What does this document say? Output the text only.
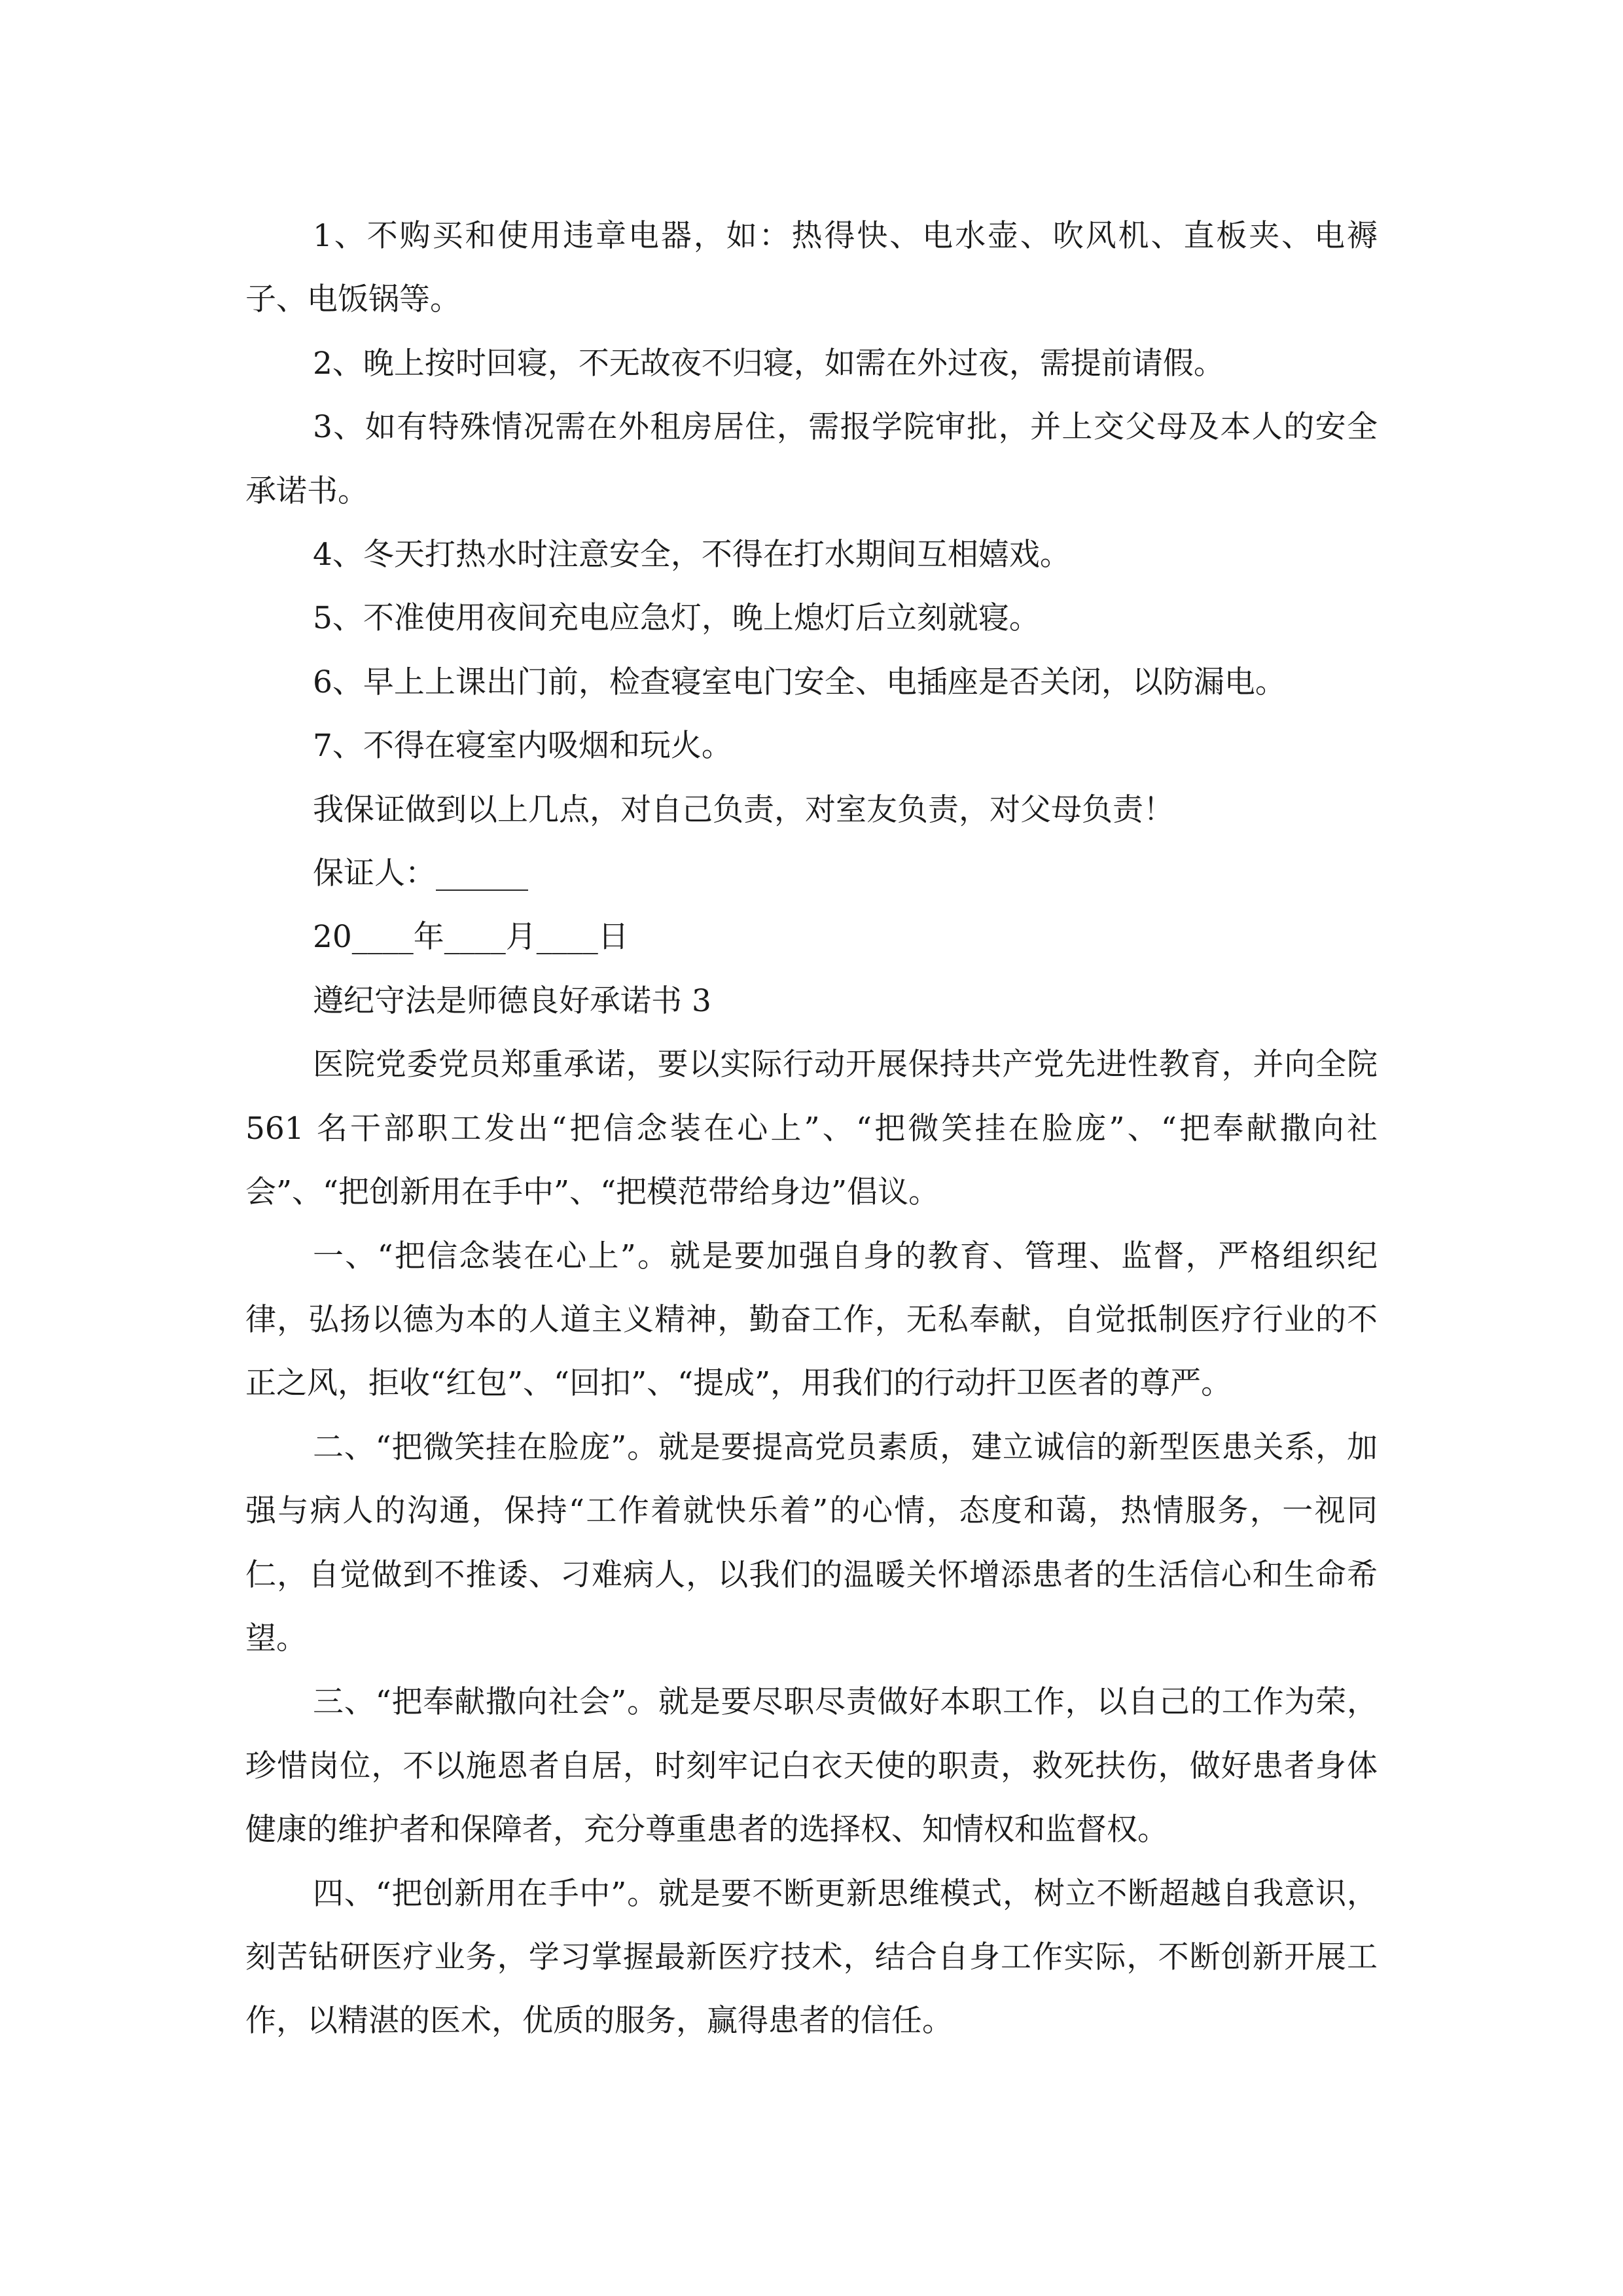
1、不购买和使用违章电器，如：热得快、电水壶、吹风机、直板夹、电褥子、电饭锅等。

2、晚上按时回寝，不无故夜不归寝，如需在外过夜，需提前请假。

3、如有特殊情况需在外租房居住，需报学院审批，并上交父母及本人的安全承诺书。

4、冬天打热水时注意安全，不得在打水期间互相嬉戏。

5、不准使用夜间充电应急灯，晚上熄灯后立刻就寝。

6、早上上课出门前，检查寝室电门安全、电插座是否关闭，以防漏电。

7、不得在寝室内吸烟和玩火。

我保证做到以上几点，对自己负责，对室友负责，对父母负责！

保证人：______

20____年____月____日

遵纪守法是师德良好承诺书 3

医院党委党员郑重承诺，要以实际行动开展保持共产党先进性教育，并向全院 561 名干部职工发出“把信念装在心上”、“把微笑挂在脸庞”、“把奉献撒向社会”、“把创新用在手中”、“把模范带给身边”倡议。

一、“把信念装在心上”。就是要加强自身的教育、管理、监督，严格组织纪律，弘扬以德为本的人道主义精神，勤奋工作，无私奉献，自觉抵制医疗行业的不正之风，拒收“红包”、“回扣”、“提成”，用我们的行动扞卫医者的尊严。

二、“把微笑挂在脸庞”。就是要提高党员素质，建立诚信的新型医患关系，加强与病人的沟通，保持“工作着就快乐着”的心情，态度和蔼，热情服务，一视同仁，自觉做到不推诿、刁难病人，以我们的温暖关怀增添患者的生活信心和生命希望。

三、“把奉献撒向社会”。就是要尽职尽责做好本职工作，以自己的工作为荣，珍惜岗位，不以施恩者自居，时刻牢记白衣天使的职责，救死扶伤，做好患者身体健康的维护者和保障者，充分尊重患者的选择权、知情权和监督权。

四、“把创新用在手中”。就是要不断更新思维模式，树立不断超越自我意识，刻苦钻研医疗业务，学习掌握最新医疗技术，结合自身工作实际，不断创新开展工作，以精湛的医术，优质的服务，赢得患者的信任。
